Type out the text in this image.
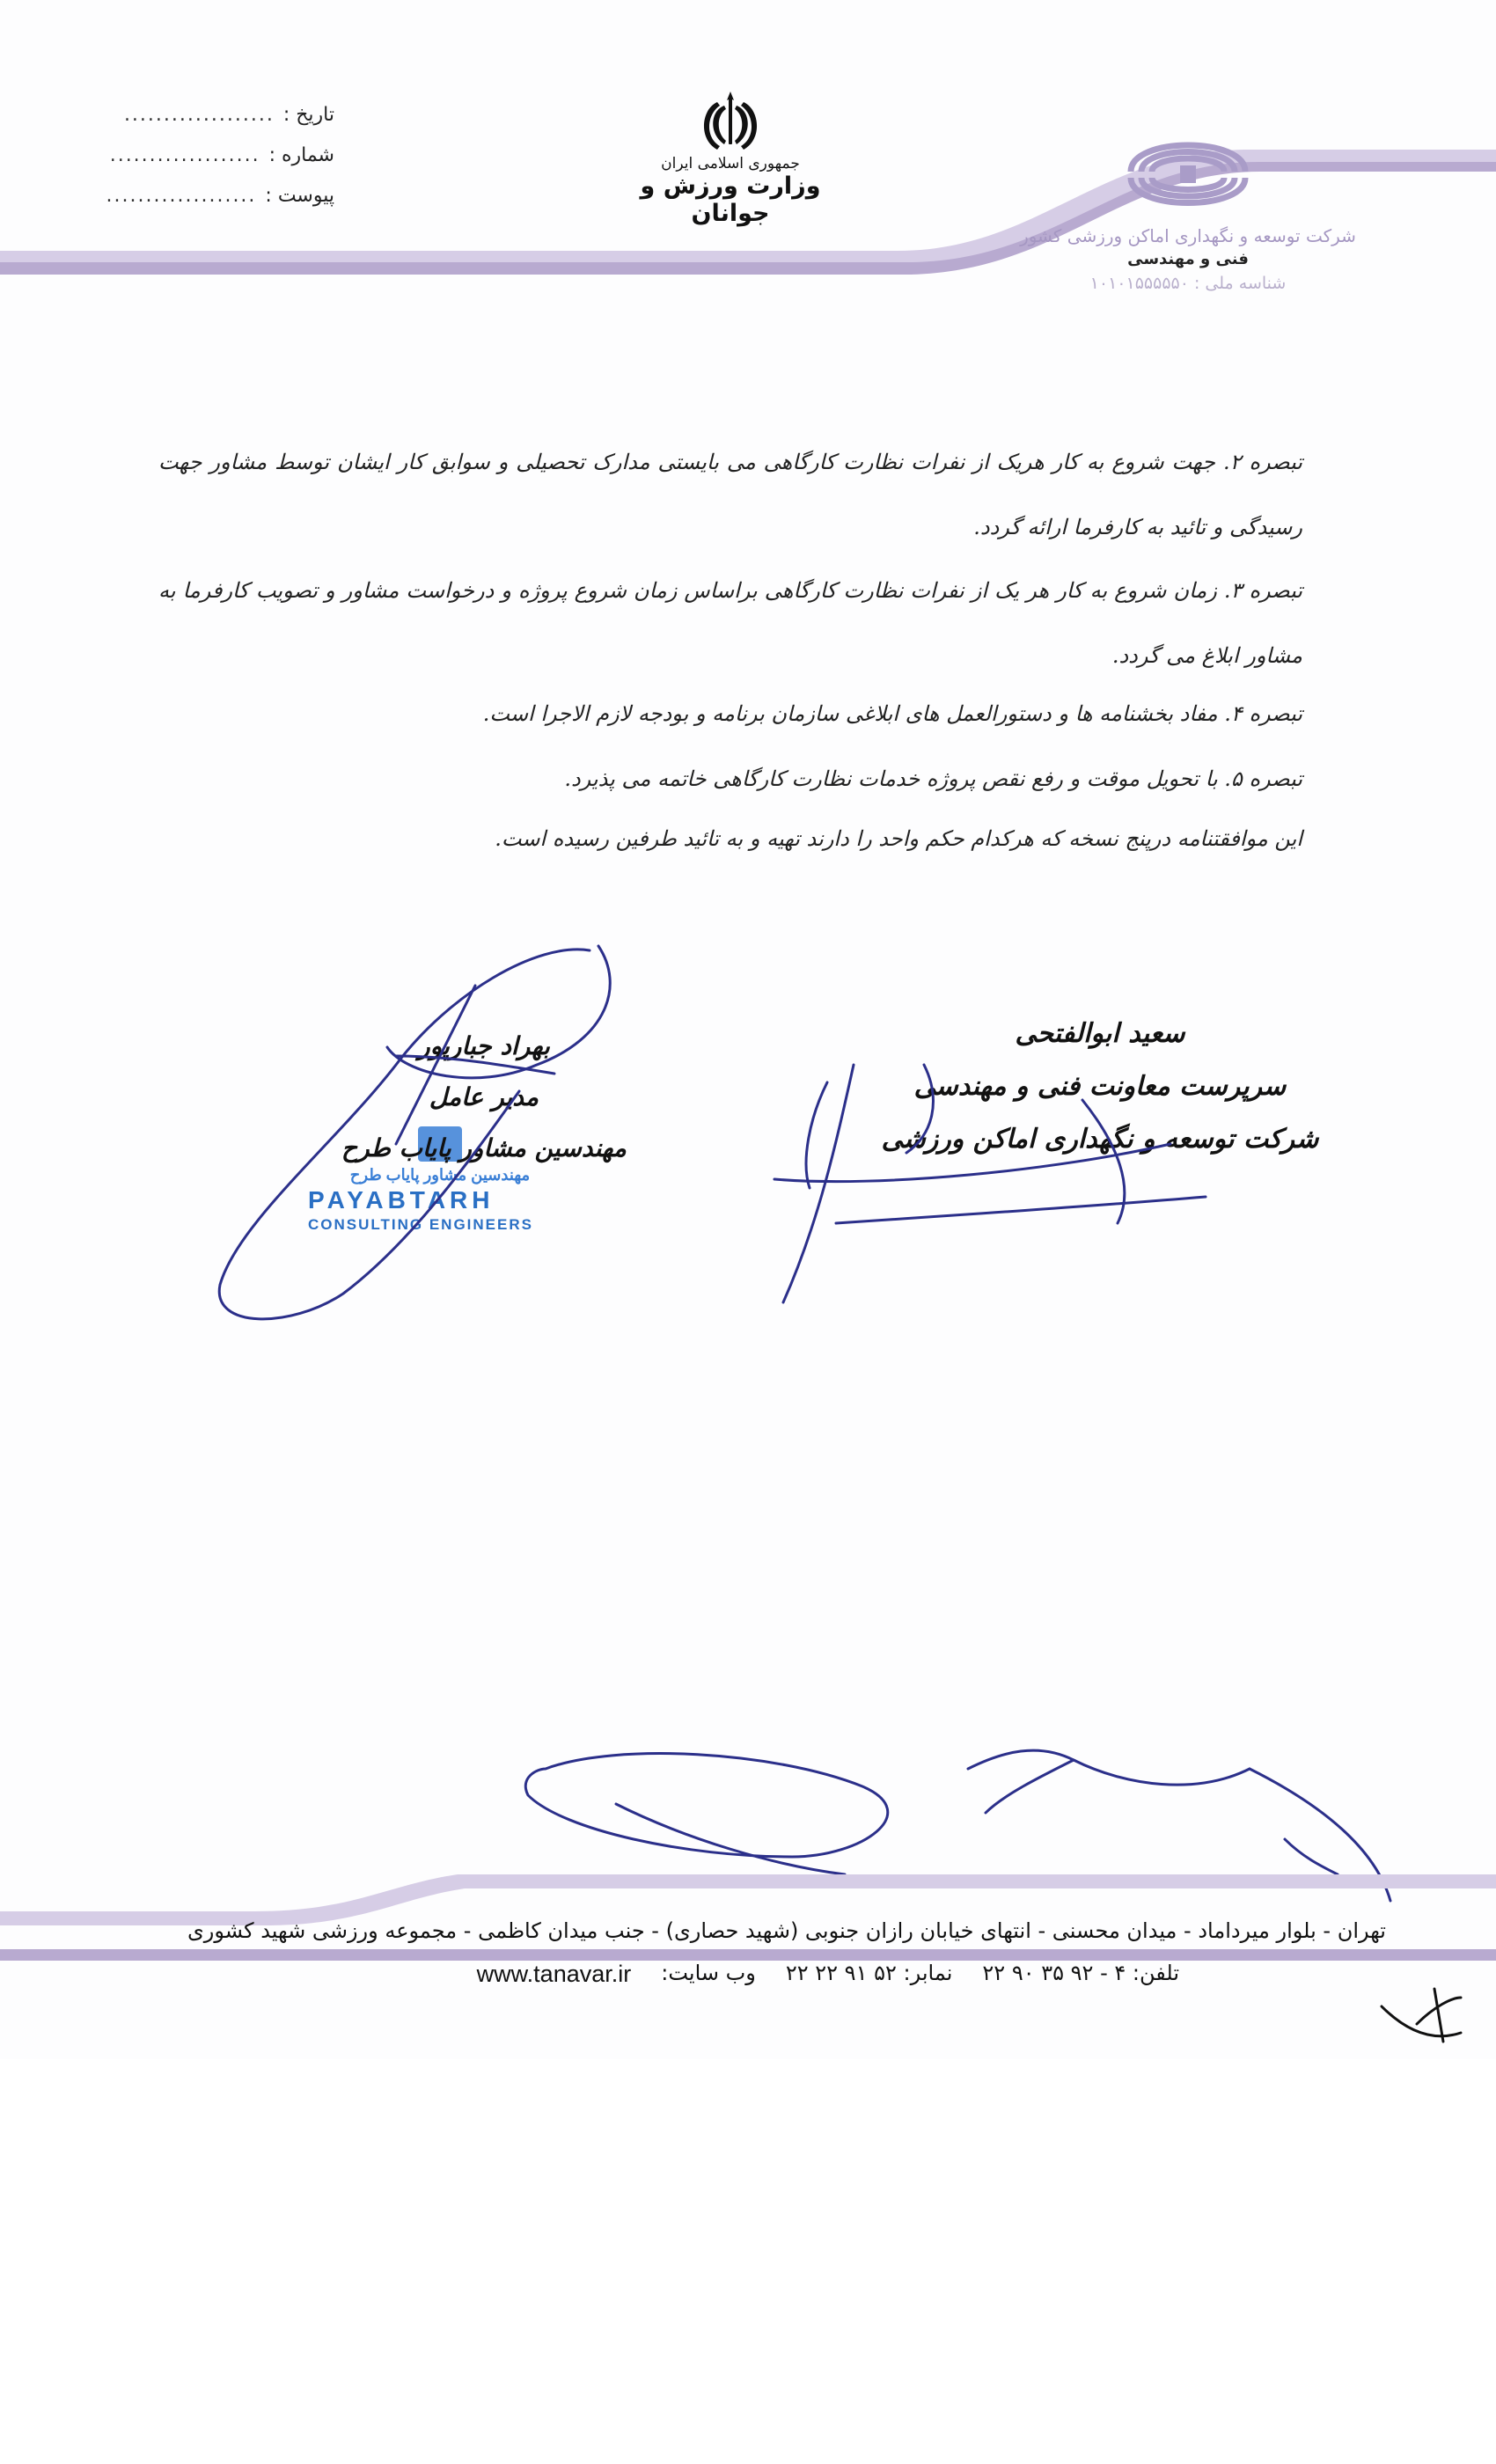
تاریخ :
...................
شماره :
...................
پیوست :
...................
جمهوری اسلامی ایران
وزارت ورزش و جوانان
شرکت توسعه و نگهداری اماکن ورزشی کشور
فنی و مهندسی
شناسه ملی : ۱۰۱۰۱۵۵۵۵۵۰
تبصره ۲. جهت شروع به کار هریک از نفرات نظارت کارگاهی می بایستی مدارک تحصیلی و سوابق کار ایشان توسط مشاور جهت رسیدگی و تائید به کارفرما ارائه گردد.
تبصره ۳. زمان شروع به کار هر یک از نفرات نظارت کارگاهی براساس زمان شروع پروژه و درخواست مشاور و تصویب کارفرما به مشاور ابلاغ می گردد.
تبصره ۴. مفاد بخشنامه ها و دستورالعمل های ابلاغی سازمان برنامه و بودجه لازم الاجرا است.
تبصره ۵. با تحویل موقت و رفع نقص پروژه خدمات نظارت کارگاهی خاتمه می پذیرد.
این موافقتنامه درپنج نسخه که هرکدام حکم واحد را دارند تهیه و به تائید طرفین رسیده است.
مهندسین مشاور پایاب طرح
PAYABTARH
CONSULTING ENGINEERS
بهراد جبارپور
مدیر عامل
مهندسین مشاور پایاب طرح
سعید ابوالفتحی
سرپرست معاونت فنی و مهندسی
شرکت توسعه و نگهداری اماکن ورزشی
تهران - بلوار میرداماد - میدان محسنی - انتهای خیابان رازان جنوبی (شهید حصاری) - جنب میدان کاظمی - مجموعه ورزشی شهید کشوری
تلفن: ۴ - ۹۲ ۳۵ ۹۰ ۲۲
نمابر: ۵۲ ۹۱ ۲۲ ۲۲
وب سایت:
www.tanavar.ir
